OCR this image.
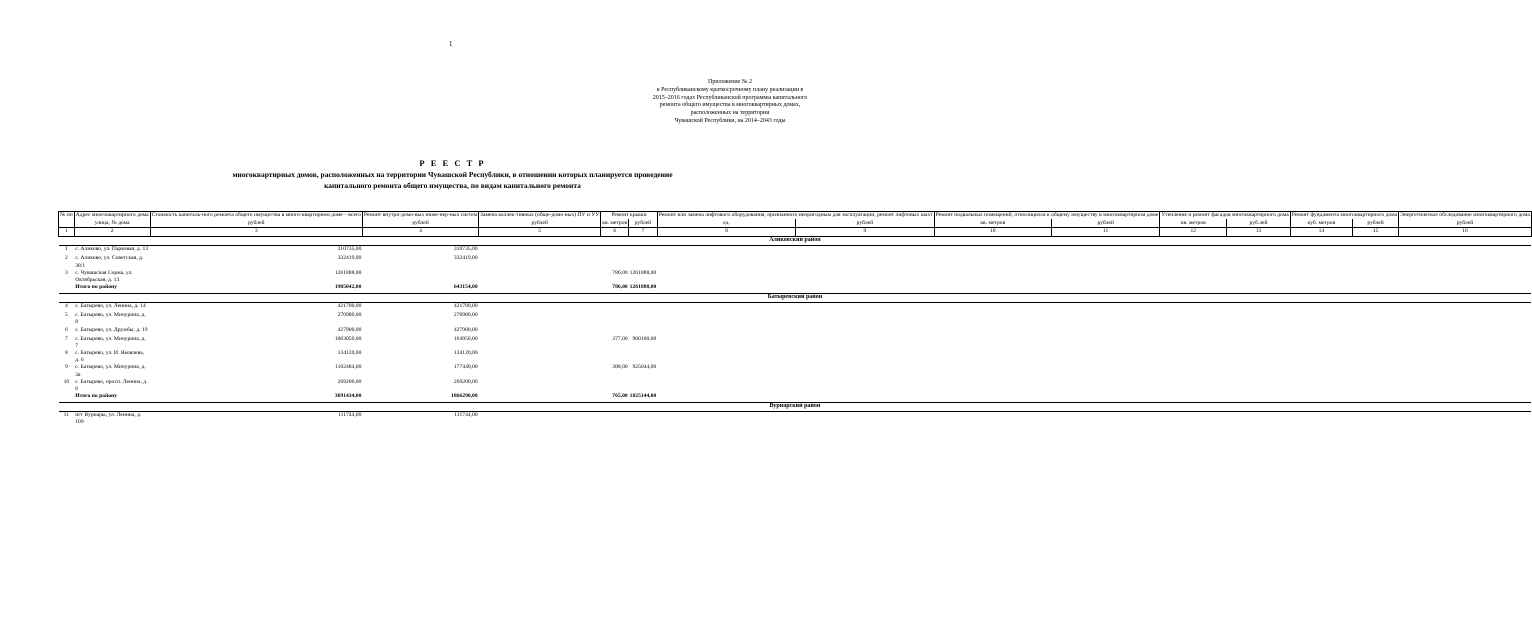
1
Приложение № 2
к Республиканскому краткосрочному плану реализации в
2015–2016 годах Республиканской программы капитального
ремонта общего имущества в многоквартирных домах,
расположенных на территории
Чувашской Республики, на 2014–2043 годы
Р Е Е С Т Р
многоквартирных домов, расположенных на территории Чувашской Республики, в отношении которых планируется проведение
капитального ремонта общего имущества, по видам капитального ремонта
№ пп	Адрес многоквартирного дома	Стоимость капиталь-ного ремонта общего имущества в много-квартирном доме – всего	Ремонт внутри-домо-вых инже-нер-ных систем	Замена коллек-тивных (обще-домо-вых) ПУ и УУ	Ремонт крыши		Ремонт или замена лифтового оборудования, признанного непригодным для эксплуатации, ремонт лифтовых шахт		Ремонт подвальных помещений, относящихся к общему имуществу в многоквартирном доме		Утепление и ремонт фасадов многоквартирного дома		Ремонт фундамента многоквартирного дома		Энергетическое обследование многоквартирного дома
	улица, № дома	рублей	рублей	рублей	кв. метров	рублей	ед.	рублей	кв. метров	рублей	кв. метров	руб.лей	куб. метров	рублей	рублей
1	2	3	4	5	6	7	8	9	10	11	12	13	14	15	16
Аликовский район															
1	с. Аликово, ул. Парковая, д. 13	310735,00	310735,00												
2	с. Аликово, ул. Советская, д. 38/1	332419,00	332419,00												
3	с. Чувашская Сорма, ул. Октябрьская, д. 13	1261888,00			786,00	1261888,00									
	Итого по району	1905042,00	643154,00		786,00	1261888,00									
Батыревский район															
4	с. Батырево, ул. Ленина, д. 14	421700,00	421700,00												
5	с. Батырево, ул. Мичурина, д. 8	270980,00	270980,00												
6	с. Батырево, ул. Дружбы, д. 19	427900,00	427900,00												
7	с. Батырево, ул. Мичурина, д. 7	1063050,00	164950,00		377,00	900100,00									
8	с. Батырево, ул. И. Яковлева, д. 6	134120,00	134120,00												
9	с. Батырево, ул. Мичурина, д. 3а	1102484,00	177440,00		388,00	925044,00									
10	с. Батырево, просп. Ленина, д. 6	269200,00	269200,00												
	Итого по району	3691434,00	1866290,00		765,00	1825144,00									
Вурнарский район															
11	пгт Вурнары, ул. Ленина, д. 109	111744,00	111744,00												
